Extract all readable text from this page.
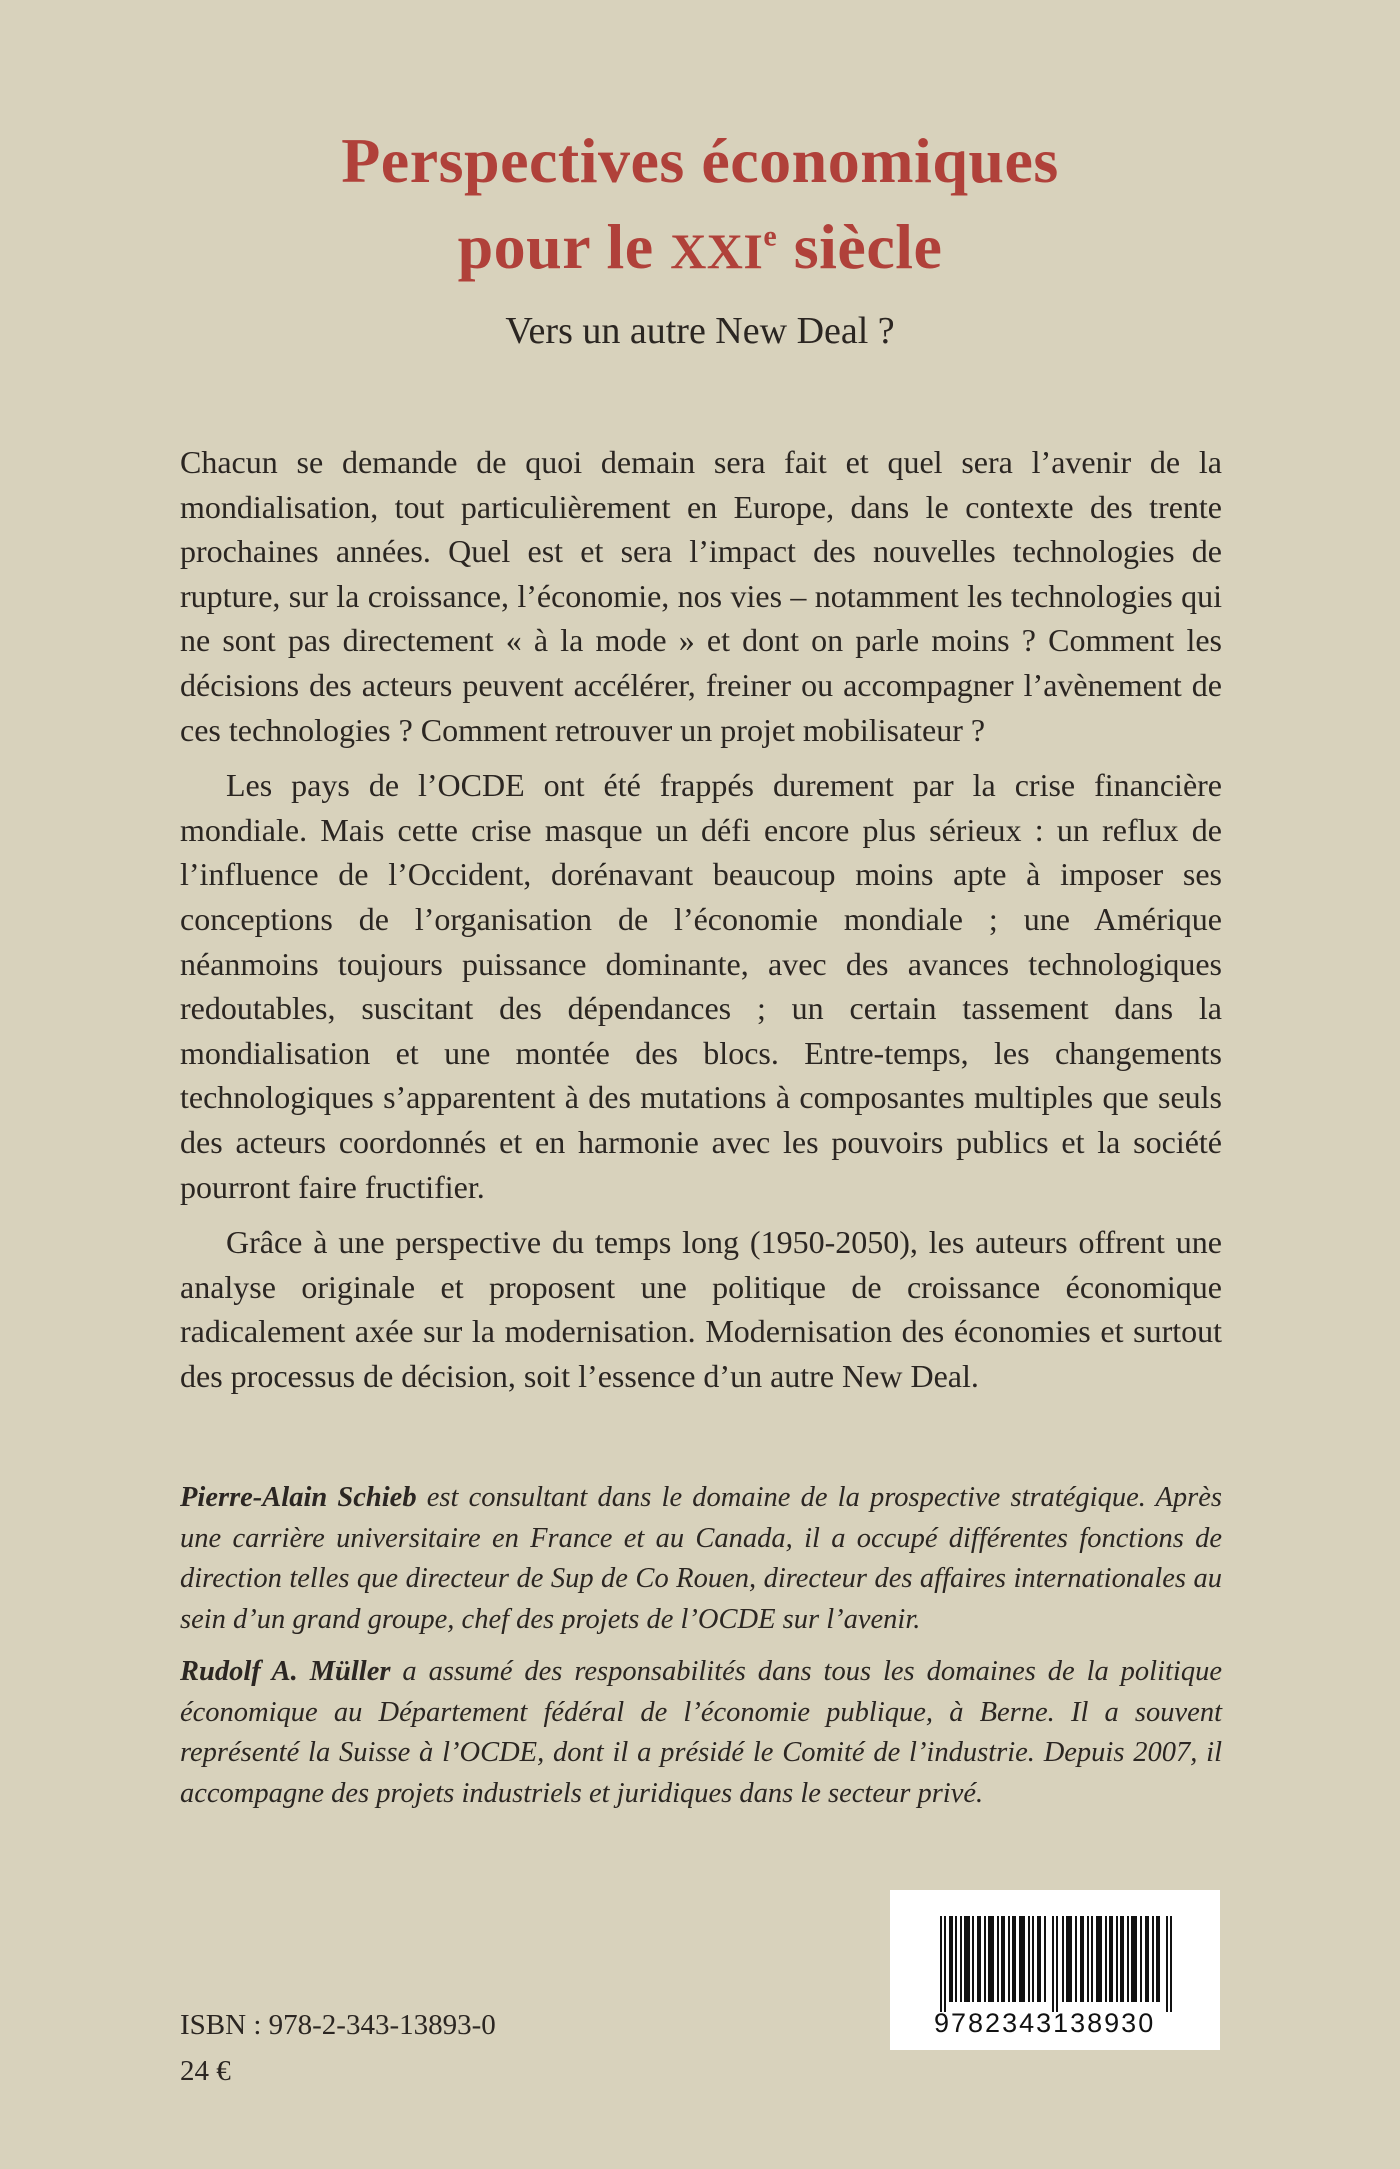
Perspectives économiques
pour le XXIe siècle
Vers un autre New Deal ?

Chacun se demande de quoi demain sera fait et quel sera l’avenir de la mondialisation, tout particulièrement en Europe, dans le contexte des trente prochaines années. Quel est et sera l’impact des nouvelles technologies de rupture, sur la croissance, l’économie, nos vies – notamment les technologies qui ne sont pas directement « à la mode » et dont on parle moins ? Comment les décisions des acteurs peuvent accélérer, freiner ou accompagner l’avènement de ces technologies ? Comment retrouver un projet mobilisateur ?

Les pays de l’OCDE ont été frappés durement par la crise financière mondiale. Mais cette crise masque un défi encore plus sérieux : un reflux de l’influence de l’Occident, dorénavant beaucoup moins apte à imposer ses conceptions de l’organisation de l’économie mondiale ; une Amérique néanmoins toujours puissance dominante, avec des avances technologiques redoutables, suscitant des dépendances ; un certain tassement dans la mondialisation et une montée des blocs. Entre-temps, les changements technologiques s’apparentent à des mutations à composantes multiples que seuls des acteurs coordonnés et en harmonie avec les pouvoirs publics et la société pourront faire fructifier.

Grâce à une perspective du temps long (1950-2050), les auteurs offrent une analyse originale et proposent une politique de croissance économique radicalement axée sur la modernisation. Modernisation des économies et surtout des processus de décision, soit l’essence d’un autre New Deal.

Pierre-Alain Schieb est consultant dans le domaine de la prospective stratégique. Après une carrière universitaire en France et au Canada, il a occupé différentes fonctions de direction telles que directeur de Sup de Co Rouen, directeur des affaires internationales au sein d’un grand groupe, chef des projets de l’OCDE sur l’avenir.

Rudolf A. Müller a assumé des responsabilités dans tous les domaines de la politique économique au Département fédéral de l’économie publique, à Berne. Il a souvent représenté la Suisse à l’OCDE, dont il a présidé le Comité de l’industrie. Depuis 2007, il accompagne des projets industriels et juridiques dans le secteur privé.

9782343138930
ISBN : 978-2-343-13893-0
24 €
